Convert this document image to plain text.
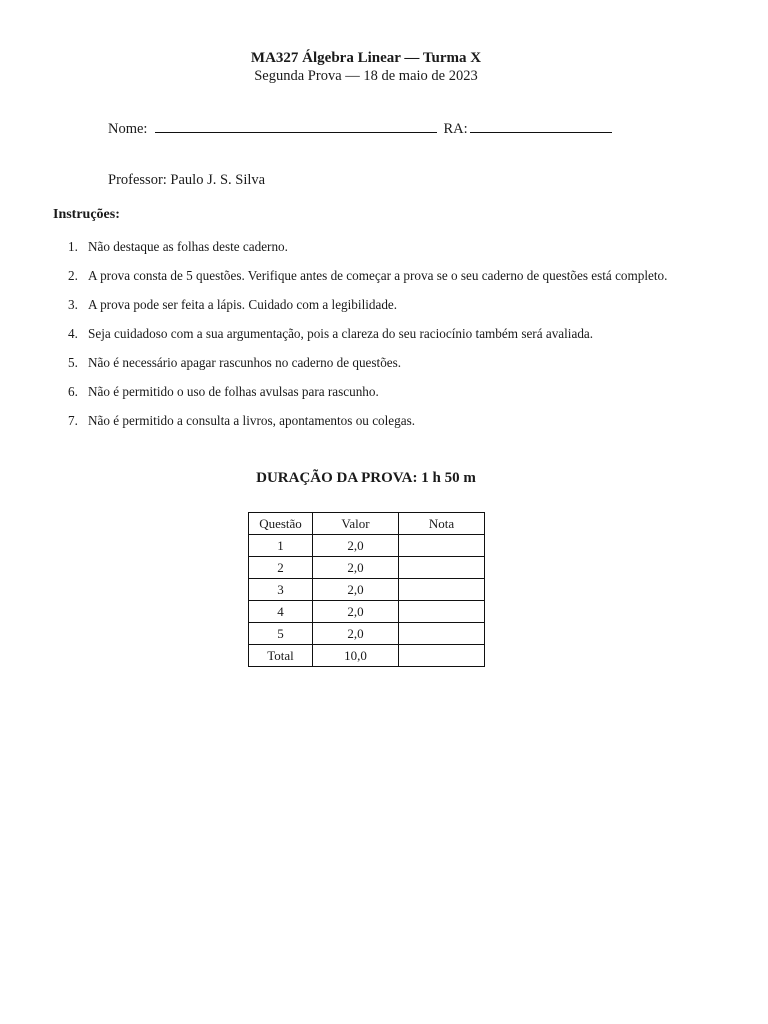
MA327 Álgebra Linear — Turma X
Segunda Prova — 18 de maio de 2023
Nome:	RA:
Professor: Paulo J. S. Silva
Instruções:
1. Não destaque as folhas deste caderno.
2. A prova consta de 5 questões. Verifique antes de começar a prova se o seu caderno de questões está completo.
3. A prova pode ser feita a lápis. Cuidado com a legibilidade.
4. Seja cuidadoso com a sua argumentação, pois a clareza do seu raciocínio também será avaliada.
5. Não é necessário apagar rascunhos no caderno de questões.
6. Não é permitido o uso de folhas avulsas para rascunho.
7. Não é permitido a consulta a livros, apontamentos ou colegas.
DURAÇÃO DA PROVA: 1 h 50 m
Questão	Valor	Nota
1	2,0	
2	2,0	
3	2,0	
4	2,0	
5	2,0	
Total	10,0	
